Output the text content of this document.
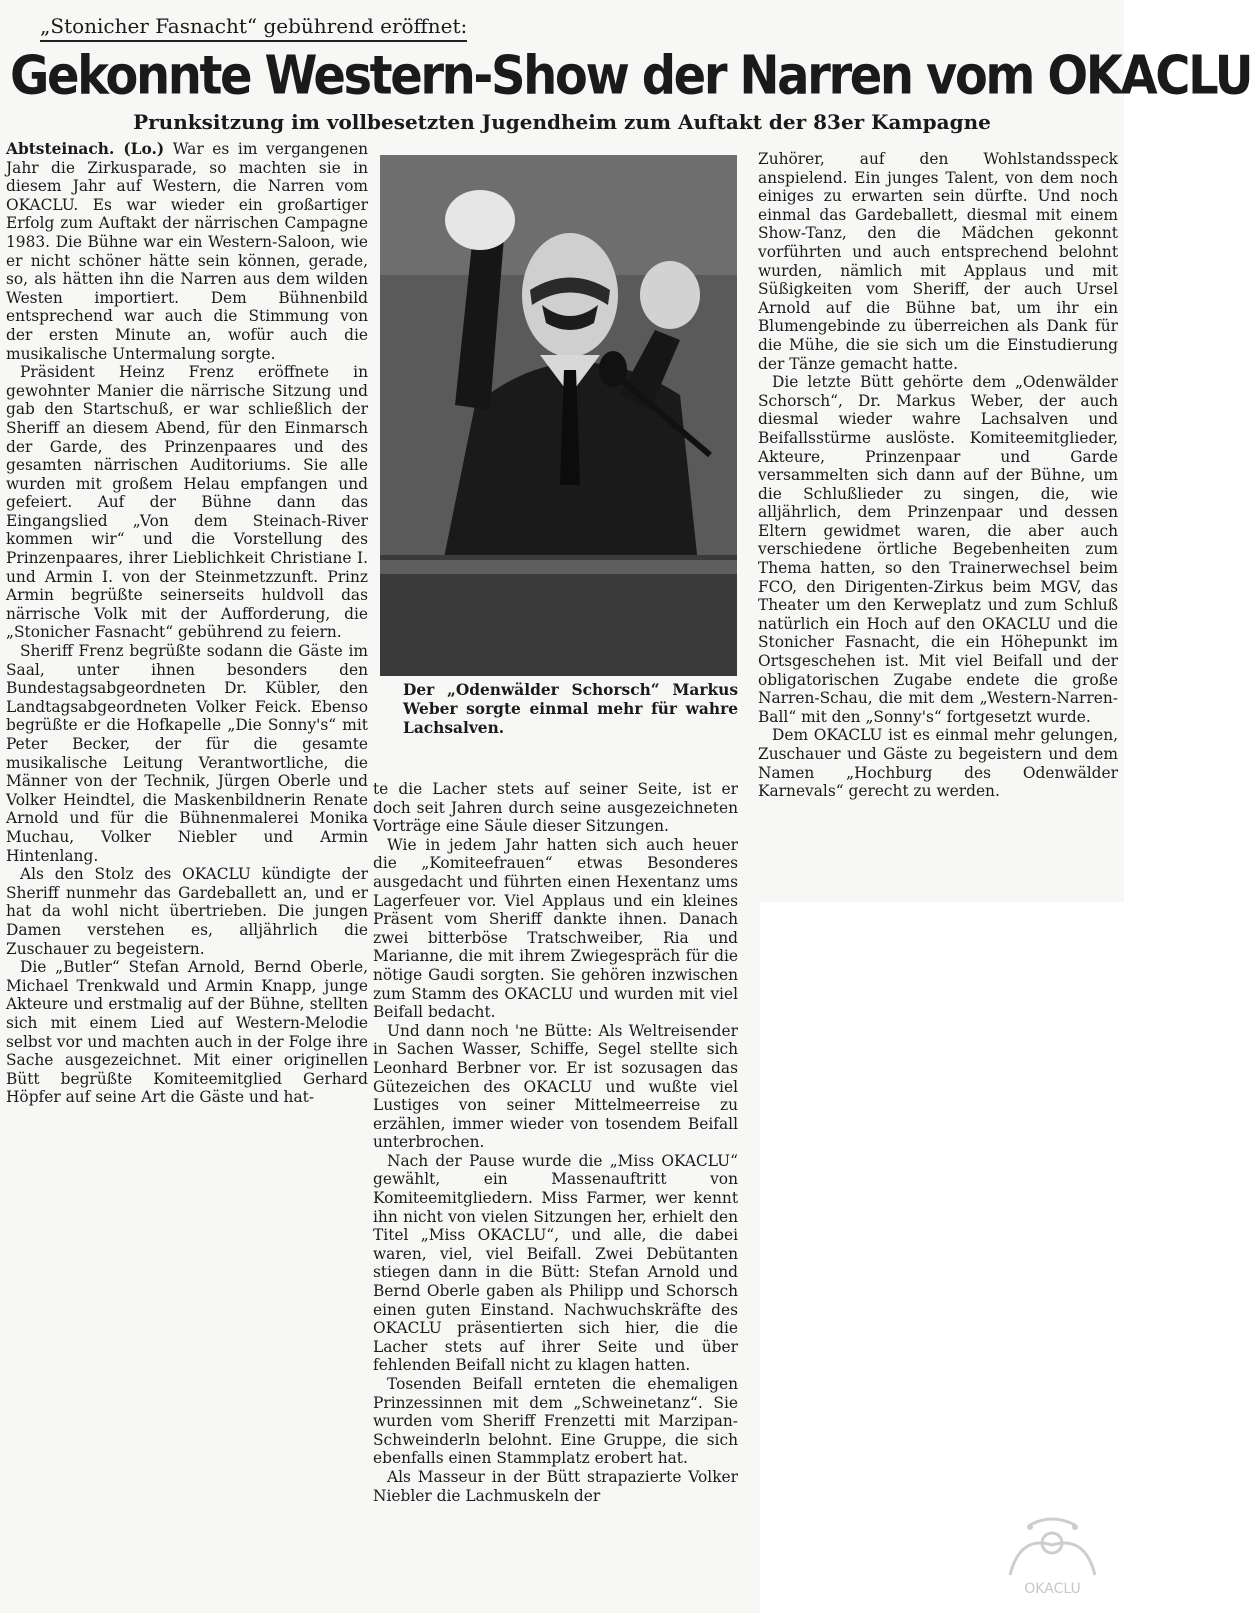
„Stonicher Fasnacht“ gebührend eröffnet:
Gekonnte Western-Show der Narren vom OKACLU
Prunksitzung im vollbesetzten Jugendheim zum Auftakt der 83er Kampagne

Abtsteinach. (Lo.) War es im vergangenen Jahr die Zirkusparade, so machten sie in diesem Jahr auf Western, die Narren vom OKACLU. Es war wieder ein großartiger Erfolg zum Auftakt der närrischen Campagne 1983. Die Bühne war ein Western-Saloon, wie er nicht schöner hätte sein können, gerade, so, als hätten ihn die Narren aus dem wilden Westen importiert. Dem Bühnenbild entsprechend war auch die Stimmung von der ersten Minute an, wofür auch die musikalische Untermalung sorgte.

Präsident Heinz Frenz eröffnete in gewohnter Manier die närrische Sitzung und gab den Startschuß, er war schließlich der Sheriff an diesem Abend, für den Einmarsch der Garde, des Prinzenpaares und des gesamten närrischen Auditoriums. Sie alle wurden mit großem Helau empfangen und gefeiert. Auf der Bühne dann das Eingangslied „Von dem Steinach-River kommen wir“ und die Vorstellung des Prinzenpaares, ihrer Lieblichkeit Christiane I. und Armin I. von der Steinmetzzunft. Prinz Armin begrüßte seinerseits huldvoll das närrische Volk mit der Aufforderung, die „Stonicher Fasnacht“ gebührend zu feiern.

Sheriff Frenz begrüßte sodann die Gäste im Saal, unter ihnen besonders den Bundestagsabgeordneten Dr. Kübler, den Landtagsabgeordneten Volker Feick. Ebenso begrüßte er die Hofkapelle „Die Sonny's“ mit Peter Becker, der für die gesamte musikalische Leitung Verantwortliche, die Männer von der Technik, Jürgen Oberle und Volker Heindtel, die Maskenbildnerin Renate Arnold und für die Bühnenmalerei Monika Muchau, Volker Niebler und Armin Hintenlang.

Als den Stolz des OKACLU kündigte der Sheriff nunmehr das Gardeballett an, und er hat da wohl nicht übertrieben. Die jungen Damen verstehen es, alljährlich die Zuschauer zu begeistern.

Die „Butler“ Stefan Arnold, Bernd Oberle, Michael Trenkwald und Armin Knapp, junge Akteure und erstmalig auf der Bühne, stellten sich mit einem Lied auf Western-Melodie selbst vor und machten auch in der Folge ihre Sache ausgezeichnet. Mit einer originellen Bütt begrüßte Komiteemitglied Gerhard Höpfer auf seine Art die Gäste und hat-

Der „Odenwälder Schorsch“ Markus Weber sorgte einmal mehr für wahre Lachsalven.

te die Lacher stets auf seiner Seite, ist er doch seit Jahren durch seine ausgezeichneten Vorträge eine Säule dieser Sitzungen.

Wie in jedem Jahr hatten sich auch heuer die „Komiteefrauen“ etwas Besonderes ausgedacht und führten einen Hexentanz ums Lagerfeuer vor. Viel Applaus und ein kleines Präsent vom Sheriff dankte ihnen. Danach zwei bitterböse Tratschweiber, Ria und Marianne, die mit ihrem Zwiegespräch für die nötige Gaudi sorgten. Sie gehören inzwischen zum Stamm des OKACLU und wurden mit viel Beifall bedacht.

Und dann noch 'ne Bütte: Als Weltreisender in Sachen Wasser, Schiffe, Segel stellte sich Leonhard Berbner vor. Er ist sozusagen das Gütezeichen des OKACLU und wußte viel Lustiges von seiner Mittelmeerreise zu erzählen, immer wieder von tosendem Beifall unterbrochen.

Nach der Pause wurde die „Miss OKACLU“ gewählt, ein Massenauftritt von Komiteemitgliedern. Miss Farmer, wer kennt ihn nicht von vielen Sitzungen her, erhielt den Titel „Miss OKACLU“, und alle, die dabei waren, viel, viel Beifall. Zwei Debütanten stiegen dann in die Bütt: Stefan Arnold und Bernd Oberle gaben als Philipp und Schorsch einen guten Einstand. Nachwuchskräfte des OKACLU präsentierten sich hier, die die Lacher stets auf ihrer Seite und über fehlenden Beifall nicht zu klagen hatten.

Tosenden Beifall ernteten die ehemaligen Prinzessinnen mit dem „Schweinetanz“. Sie wurden vom Sheriff Frenzetti mit Marzipan-Schweinderln belohnt. Eine Gruppe, die sich ebenfalls einen Stammplatz erobert hat.

Als Masseur in der Bütt strapazierte Volker Niebler die Lachmuskeln der

Zuhörer, auf den Wohlstandsspeck anspielend. Ein junges Talent, von dem noch einiges zu erwarten sein dürfte. Und noch einmal das Gardeballett, diesmal mit einem Show-Tanz, den die Mädchen gekonnt vorführten und auch entsprechend belohnt wurden, nämlich mit Applaus und mit Süßigkeiten vom Sheriff, der auch Ursel Arnold auf die Bühne bat, um ihr ein Blumengebinde zu überreichen als Dank für die Mühe, die sie sich um die Einstudierung der Tänze gemacht hatte.

Die letzte Bütt gehörte dem „Odenwälder Schorsch“, Dr. Markus Weber, der auch diesmal wieder wahre Lachsalven und Beifallsstürme auslöste. Komiteemitglieder, Akteure, Prinzenpaar und Garde versammelten sich dann auf der Bühne, um die Schlußlieder zu singen, die, wie alljährlich, dem Prinzenpaar und dessen Eltern gewidmet waren, die aber auch verschiedene örtliche Begebenheiten zum Thema hatten, so den Trainerwechsel beim FCO, den Dirigenten-Zirkus beim MGV, das Theater um den Kerweplatz und zum Schluß natürlich ein Hoch auf den OKACLU und die Stonicher Fasnacht, die ein Höhepunkt im Ortsgeschehen ist. Mit viel Beifall und der obligatorischen Zugabe endete die große Narren-Schau, die mit dem „Western-Narren-Ball“ mit den „Sonny's“ fortgesetzt wurde.

Dem OKACLU ist es einmal mehr gelungen, Zuschauer und Gäste zu begeistern und dem Namen „Hochburg des Odenwälder Karnevals“ gerecht zu werden.

OKACLU
